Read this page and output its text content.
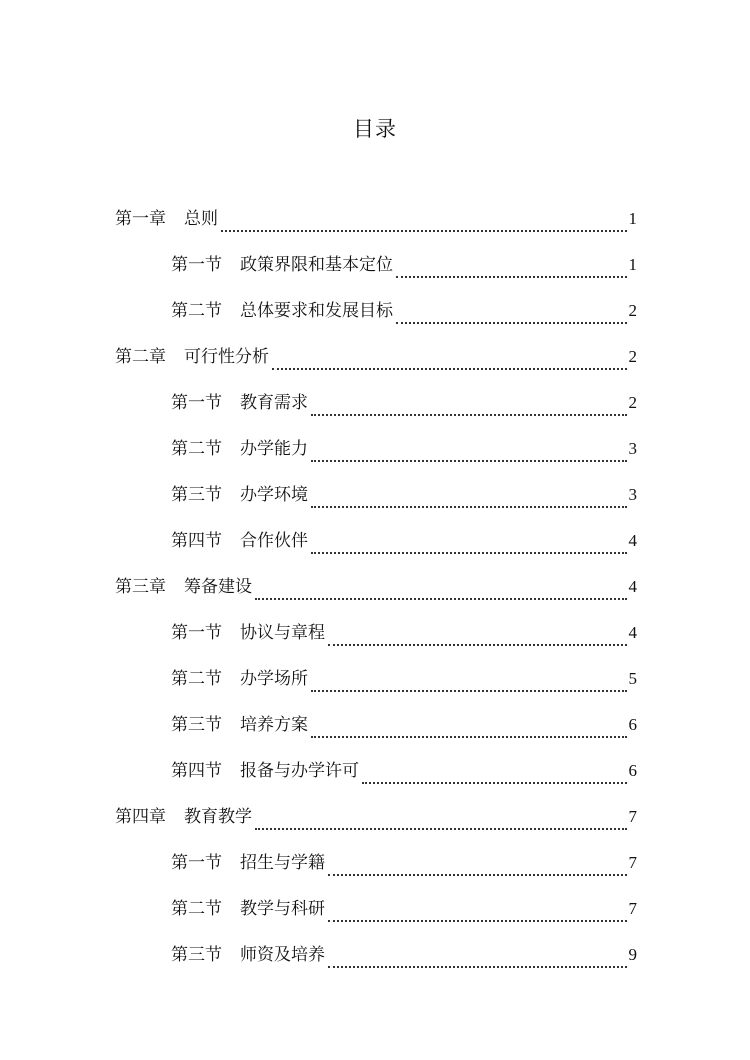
目录
第一章 总则	1
第一节 政策界限和基本定位	1
第二节 总体要求和发展目标	2
第二章 可行性分析	2
第一节 教育需求	2
第二节 办学能力	3
第三节 办学环境	3
第四节 合作伙伴	4
第三章 筹备建设	4
第一节 协议与章程	4
第二节 办学场所	5
第三节 培养方案	6
第四节 报备与办学许可	6
第四章 教育教学	7
第一节 招生与学籍	7
第二节 教学与科研	7
第三节 师资及培养	9
